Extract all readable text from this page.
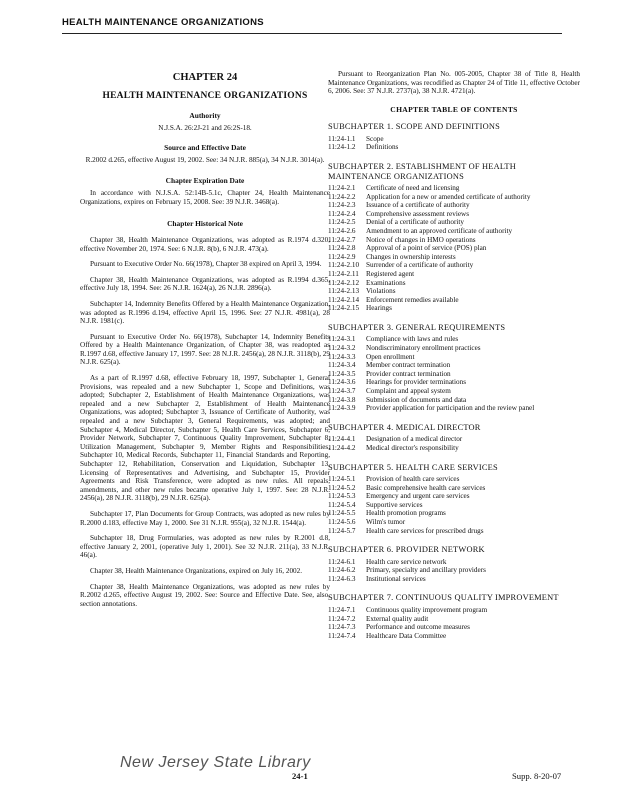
HEALTH MAINTENANCE ORGANIZATIONS
CHAPTER 24
HEALTH MAINTENANCE ORGANIZATIONS
Authority
N.J.S.A. 26:2J-21 and 26:2S-18.
Source and Effective Date
R.2002 d.265, effective August 19, 2002. See: 34 N.J.R. 885(a), 34 N.J.R. 3014(a).
Chapter Expiration Date
In accordance with N.J.S.A. 52:14B-5.1c, Chapter 24, Health Maintenance Organizations, expires on February 15, 2008. See: 39 N.J.R. 3468(a).
Chapter Historical Note
Chapter 38, Health Maintenance Organizations, was adopted as R.1974 d.320, effective November 20, 1974. See: 6 N.J.R. 8(b), 6 N.J.R. 473(a).
Pursuant to Executive Order No. 66(1978), Chapter 38 expired on April 3, 1994.
Chapter 38, Health Maintenance Organizations, was adopted as R.1994 d.365, effective July 18, 1994. See: 26 N.J.R. 1624(a), 26 N.J.R. 2896(a).
Subchapter 14, Indemnity Benefits Offered by a Health Maintenance Organization, was adopted as R.1996 d.194, effective April 15, 1996. See: 27 N.J.R. 4981(a), 28 N.J.R. 1981(c).
Pursuant to Executive Order No. 66(1978), Subchapter 14, Indemnity Benefits Offered by a Health Maintenance Organization, of Chapter 38, was readopted as R.1997 d.68, effective January 17, 1997. See: 28 N.J.R. 2456(a), 28 N.J.R. 3118(b), 29 N.J.R. 625(a).
As a part of R.1997 d.68, effective February 18, 1997, Subchapter 1, General Provisions, was repealed and a new Subchapter 1, Scope and Definitions, was adopted; Subchapter 2, Establishment of Health Maintenance Organizations, was repealed and a new Subchapter 2, Establishment of Health Maintenance Organizations, was adopted; Subchapter 3, Issuance of Certificate of Authority, was repealed and a new Subchapter 3, General Requirements, was adopted; and Subchapter 4, Medical Director, Subchapter 5, Health Care Services, Subchapter 6, Provider Network, Subchapter 7, Continuous Quality Improvement, Subchapter 8, Utilization Management, Subchapter 9, Member Rights and Responsibilities, Subchapter 10, Medical Records, Subchapter 11, Financial Standards and Reporting, Subchapter 12, Rehabilitation, Conservation and Liquidation, Subchapter 13, Licensing of Representatives and Advertising, and Subchapter 15, Provider Agreements and Risk Transference, were adopted as new rules. All repeals, amendments, and other new rules became operative July 1, 1997. See: 28 N.J.R. 2456(a), 28 N.J.R. 3118(b), 29 N.J.R. 625(a).
Subchapter 17, Plan Documents for Group Contracts, was adopted as new rules by R.2000 d.183, effective May 1, 2000. See 31 N.J.R. 955(a), 32 N.J.R. 1544(a).
Subchapter 18, Drug Formularies, was adopted as new rules by R.2001 d.8, effective January 2, 2001, (operative July 1, 2001). See 32 N.J.R. 211(a), 33 N.J.R. 46(a).
Chapter 38, Health Maintenance Organizations, expired on July 16, 2002.
Chapter 38, Health Maintenance Organizations, was adopted as new rules by R.2002 d.265, effective August 19, 2002. See: Source and Effective Date. See, also, section annotations.
Pursuant to Reorganization Plan No. 005-2005, Chapter 38 of Title 8, Health Maintenance Organizations, was recodified as Chapter 24 of Title 11, effective October 6, 2006. See: 37 N.J.R. 2737(a), 38 N.J.R. 4721(a).
CHAPTER TABLE OF CONTENTS
SUBCHAPTER 1. SCOPE AND DEFINITIONS
11:24-1.1	Scope
11:24-1.2	Definitions
SUBCHAPTER 2. ESTABLISHMENT OF HEALTH MAINTENANCE ORGANIZATIONS
11:24-2.1	Certificate of need and licensing
11:24-2.2	Application for a new or amended certificate of authority
11:24-2.3	Issuance of a certificate of authority
11:24-2.4	Comprehensive assessment reviews
11:24-2.5	Denial of a certificate of authority
11:24-2.6	Amendment to an approved certificate of authority
11:24-2.7	Notice of changes in HMO operations
11:24-2.8	Approval of a point of service (POS) plan
11:24-2.9	Changes in ownership interests
11:24-2.10 Surrender of a certificate of authority
11:24-2.11 Registered agent
11:24-2.12 Examinations
11:24-2.13 Violations
11:24-2.14 Enforcement remedies available
11:24-2.15 Hearings
SUBCHAPTER 3. GENERAL REQUIREMENTS
11:24-3.1	Compliance with laws and rules
11:24-3.2	Nondiscriminatory enrollment practices
11:24-3.3	Open enrollment
11:24-3.4	Member contract termination
11:24-3.5	Provider contract termination
11:24-3.6	Hearings for provider terminations
11:24-3.7	Complaint and appeal system
11:24-3.8	Submission of documents and data
11:24-3.9	Provider application for participation and the review panel
SUBCHAPTER 4. MEDICAL DIRECTOR
11:24-4.1	Designation of a medical director
11:24-4.2	Medical director's responsibility
SUBCHAPTER 5. HEALTH CARE SERVICES
11:24-5.1	Provision of health care services
11:24-5.2	Basic comprehensive health care services
11:24-5.3	Emergency and urgent care services
11:24-5.4	Supportive services
11:24-5.5	Health promotion programs
11:24-5.6	Wilm's tumor
11:24-5.7	Health care services for prescribed drugs
SUBCHAPTER 6. PROVIDER NETWORK
11:24-6.1	Health care service network
11:24-6.2	Primary, specialty and ancillary providers
11:24-6.3	Institutional services
SUBCHAPTER 7. CONTINUOUS QUALITY IMPROVEMENT
11:24-7.1	Continuous quality improvement program
11:24-7.2	External quality audit
11:24-7.3	Performance and outcome measures
11:24-7.4	Healthcare Data Committee
New Jersey State Library
24-1	Supp. 8-20-07
